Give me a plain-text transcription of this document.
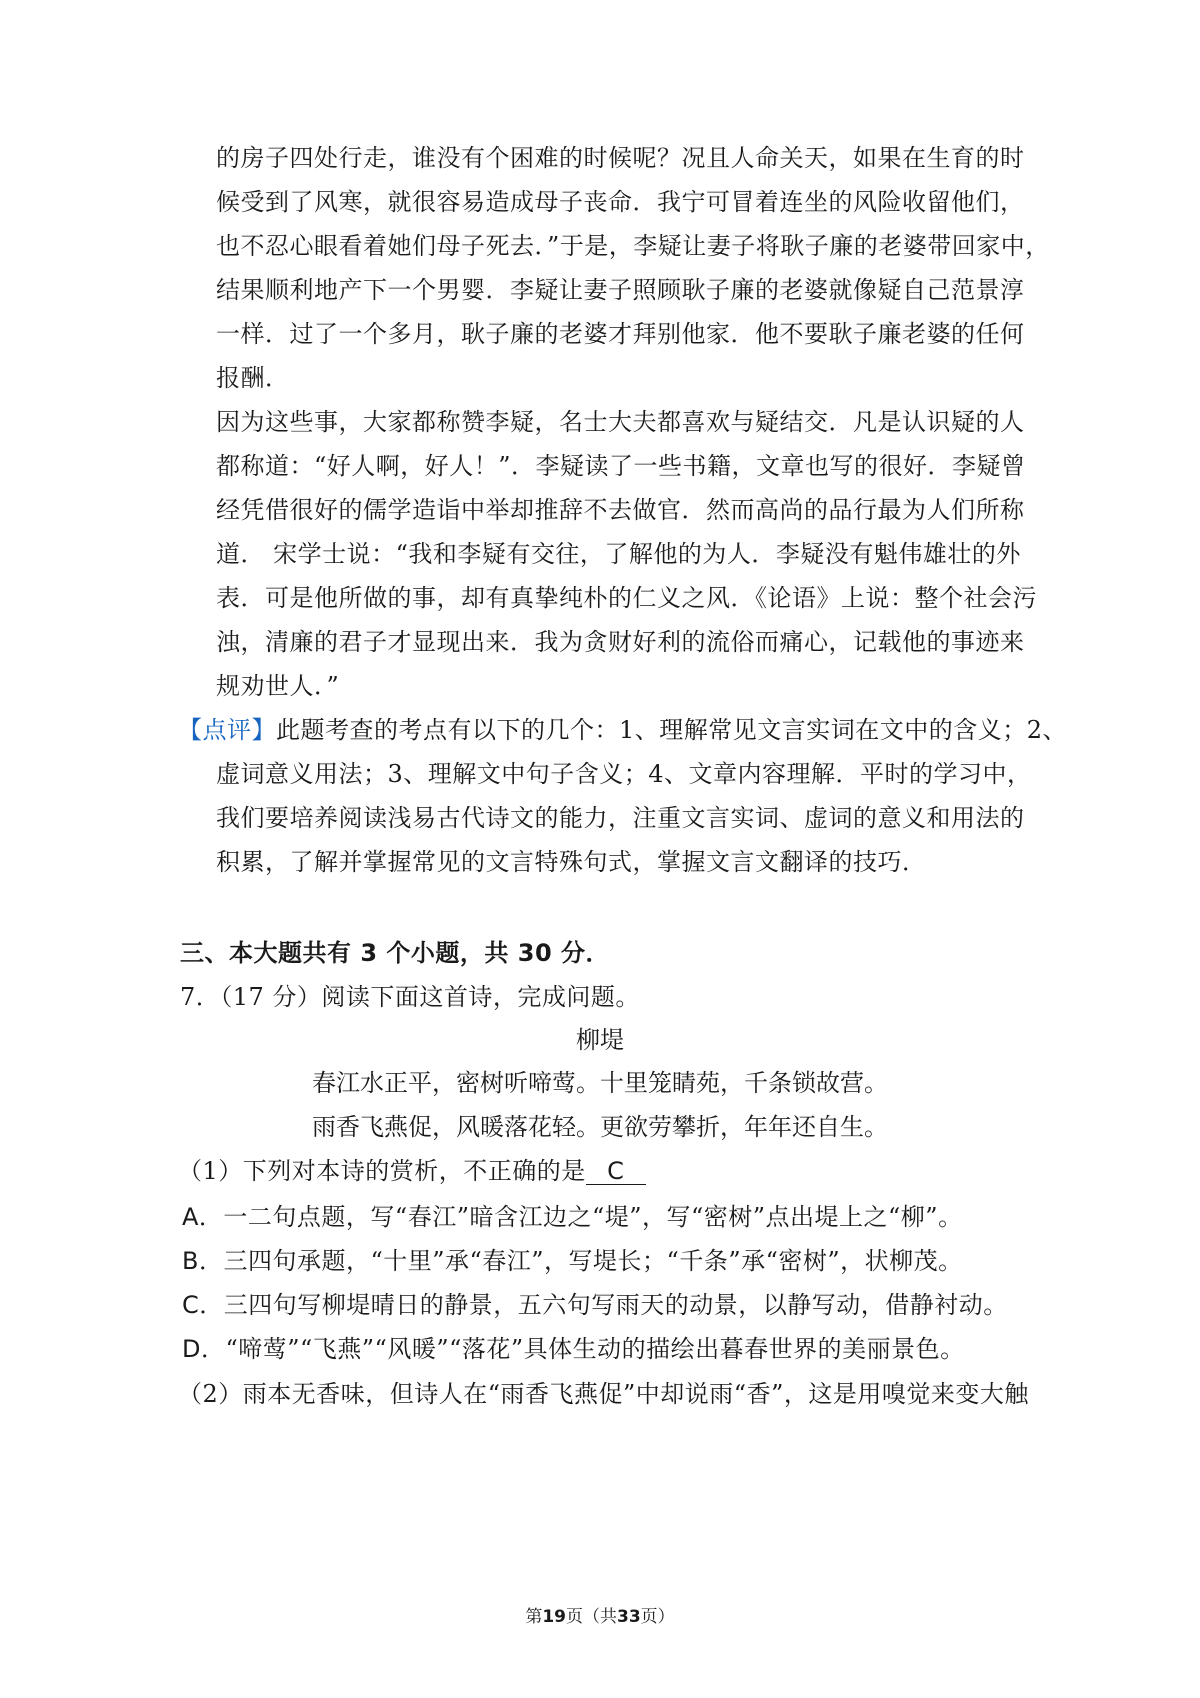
的房子四处行走，谁没有个困难的时候呢？况且人命关天，如果在生育的时
候受到了风寒，就很容易造成母子丧命．我宁可冒着连坐的风险收留他们，
也不忍心眼看着她们母子死去．”于是，李疑让妻子将耿子廉的老婆带回家中，
结果顺利地产下一个男婴．李疑让妻子照顾耿子廉的老婆就像疑自己范景淳
一样．过了一个多月，耿子廉的老婆才拜别他家．他不要耿子廉老婆的任何
报酬．
因为这些事，大家都称赞李疑，名士大夫都喜欢与疑结交．凡是认识疑的人
都称道：“好人啊，好人！”．李疑读了一些书籍，文章也写的很好．李疑曾
经凭借很好的儒学造诣中举却推辞不去做官．然而高尚的品行最为人们所称
道． 宋学士说：“我和李疑有交往，了解他的为人．李疑没有魁伟雄壮的外
表．可是他所做的事，却有真挚纯朴的仁义之风．《论语》上说：整个社会污
浊，清廉的君子才显现出来．我为贪财好利的流俗而痛心，记载他的事迹来
规劝世人．”
【点评】此题考查的考点有以下的几个：1、理解常见文言实词在文中的含义；2、
虚词意义用法；3、理解文中句子含义；4、文章内容理解．平时的学习中，
我们要培养阅读浅易古代诗文的能力，注重文言实词、虚词的意义和用法的
积累，了解并掌握常见的文言特殊句式，掌握文言文翻译的技巧．
三、本大题共有 3 个小题，共 30 分．
7．（17 分）阅读下面这首诗，完成问题。
柳堤
春江水正平，密树听啼莺。十里笼睛苑，千条锁故营。
雨香飞燕促，风暖落花轻。更欲劳攀折，年年还自生。
（1）下列对本诗的赏析，不正确的是 C
A．一二句点题，写“春江”暗含江边之“堤”，写“密树”点出堤上之“柳”。
B．三四句承题，“十里”承“春江”，写堤长；“千条”承“密树”，状柳茂。
C．三四句写柳堤晴日的静景，五六句写雨天的动景，以静写动，借静衬动。
D．“啼莺”“飞燕”“风暖”“落花”具体生动的描绘出暮春世界的美丽景色。
（2）雨本无香味，但诗人在“雨香飞燕促”中却说雨“香”，这是用嗅觉来变大触
第19页（共33页）
